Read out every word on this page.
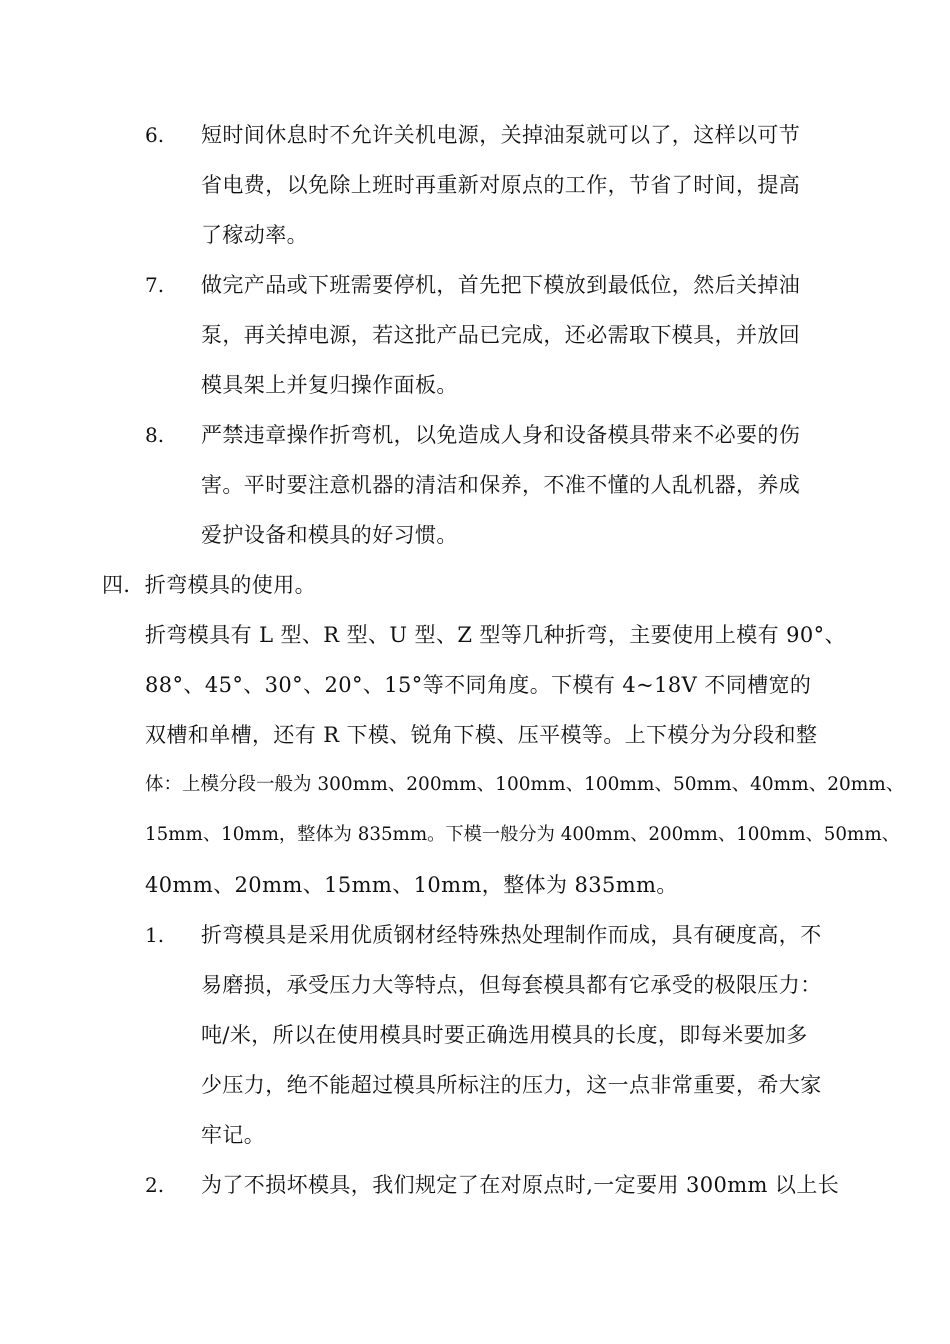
6. 短时间休息时不允许关机电源，关掉油泵就可以了，这样以可节
省电费，以免除上班时再重新对原点的工作，节省了时间，提高
了稼动率。
7. 做完产品或下班需要停机，首先把下模放到最低位，然后关掉油
泵，再关掉电源，若这批产品已完成，还必需取下模具，并放回
模具架上并复归操作面板。
8. 严禁违章操作折弯机，以免造成人身和设备模具带来不必要的伤
害。平时要注意机器的清洁和保养，不准不懂的人乱机器，养成
爱护设备和模具的好习惯。
四．折弯模具的使用。
折弯模具有 L 型、R 型、U 型、Z 型等几种折弯，主要使用上模有 90°、
88°、45°、30°、20°、15°等不同角度。下模有 4~18V 不同槽宽的
双槽和单槽，还有 R 下模、锐角下模、压平模等。上下模分为分段和整
体：上模分段一般为 300mm、200mm、100mm、100mm、50mm、40mm、20mm、
15mm、10mm，整体为 835mm。下模一般分为 400mm、200mm、100mm、50mm、
40mm、20mm、15mm、10mm，整体为 835mm。
1. 折弯模具是采用优质钢材经特殊热处理制作而成，具有硬度高，不
易磨损，承受压力大等特点，但每套模具都有它承受的极限压力：
吨/米，所以在使用模具时要正确选用模具的长度，即每米要加多
少压力，绝不能超过模具所标注的压力，这一点非常重要，希大家
牢记。
2. 为了不损坏模具，我们规定了在对原点时,一定要用 300mm 以上长
